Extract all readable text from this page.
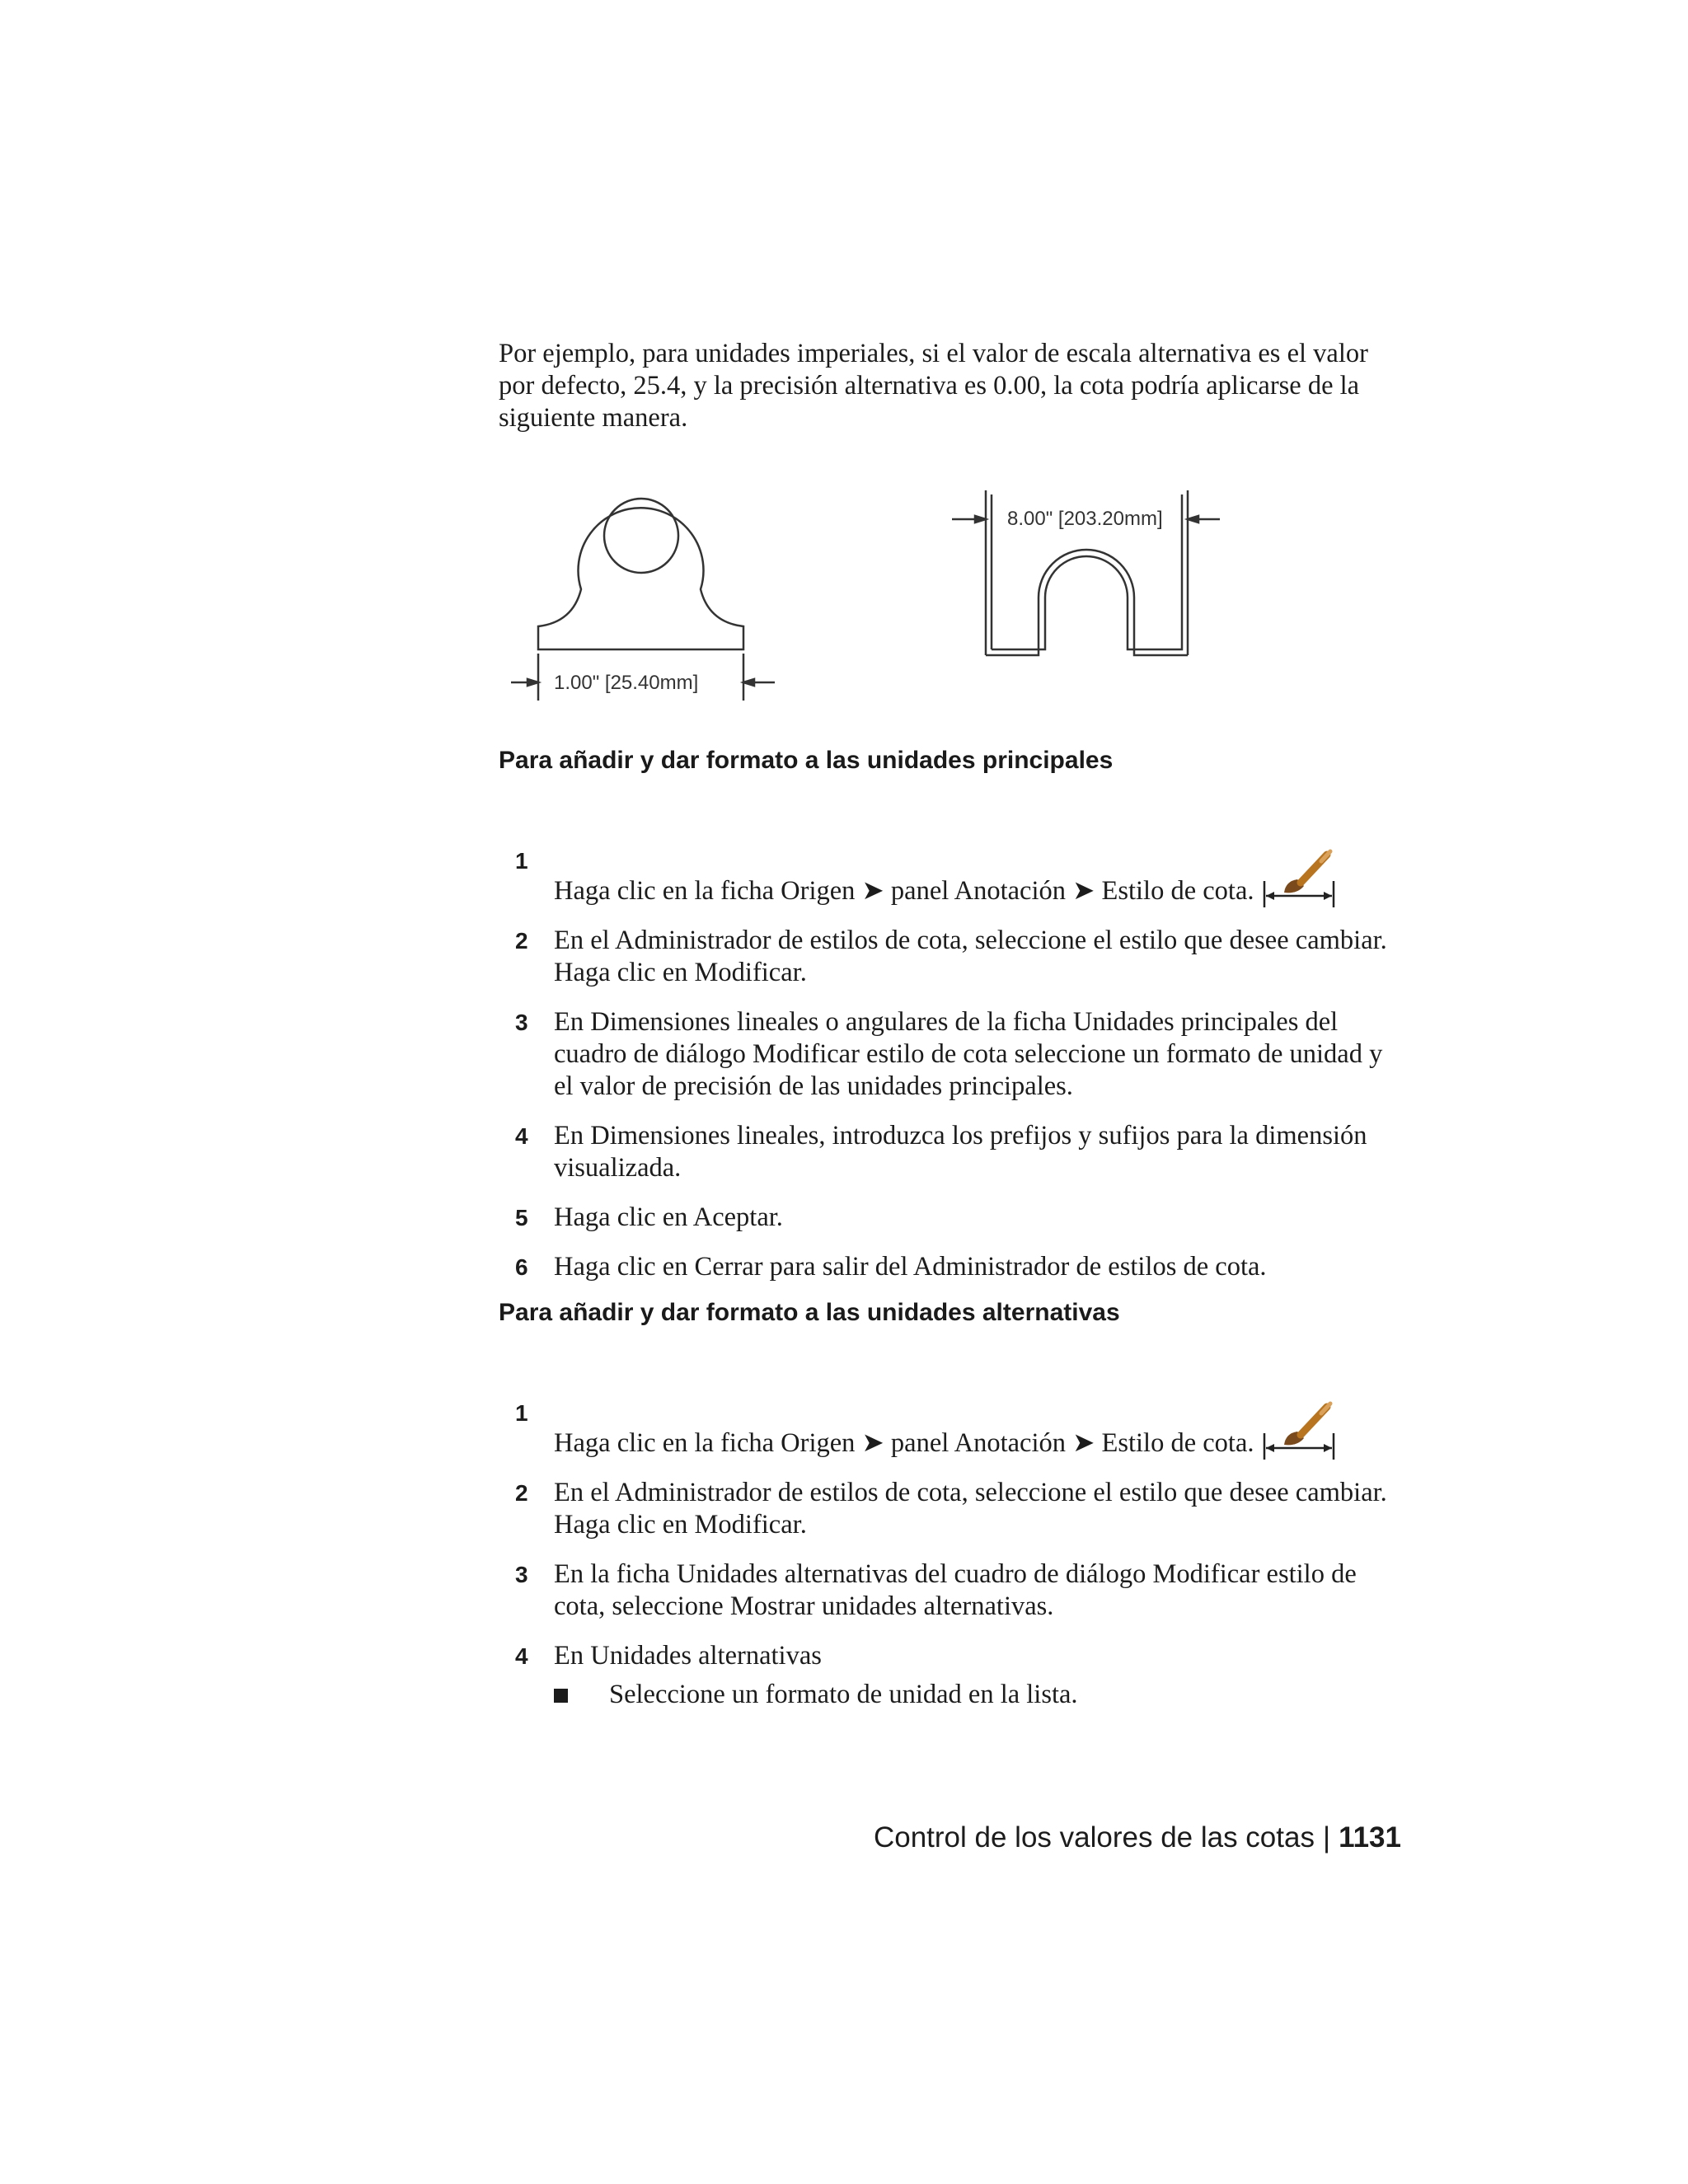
Por ejemplo, para unidades imperiales, si el valor de escala alternativa es el valor por defecto, 25.4, y la precisión alternativa es 0.00, la cota podría aplicarse de la siguiente manera.

1.00" [25.40mm]
8.00" [203.20mm]
Para añadir y dar formato a las unidades principales
1
Haga clic en la ficha Origen ➤ panel Anotación ➤ Estilo de cota.
2 En el Administrador de estilos de cota, seleccione el estilo que desee cambiar. Haga clic en Modificar.
3 En Dimensiones lineales o angulares de la ficha Unidades principales del cuadro de diálogo Modificar estilo de cota seleccione un formato de unidad y el valor de precisión de las unidades principales.
4 En Dimensiones lineales, introduzca los prefijos y sufijos para la dimensión visualizada.
5 Haga clic en Aceptar.
6 Haga clic en Cerrar para salir del Administrador de estilos de cota.
Para añadir y dar formato a las unidades alternativas
1
Haga clic en la ficha Origen ➤ panel Anotación ➤ Estilo de cota.
2 En el Administrador de estilos de cota, seleccione el estilo que desee cambiar. Haga clic en Modificar.
3 En la ficha Unidades alternativas del cuadro de diálogo Modificar estilo de cota, seleccione Mostrar unidades alternativas.
4 En Unidades alternativas
Seleccione un formato de unidad en la lista.
Control de los valores de las cotas | 1131
